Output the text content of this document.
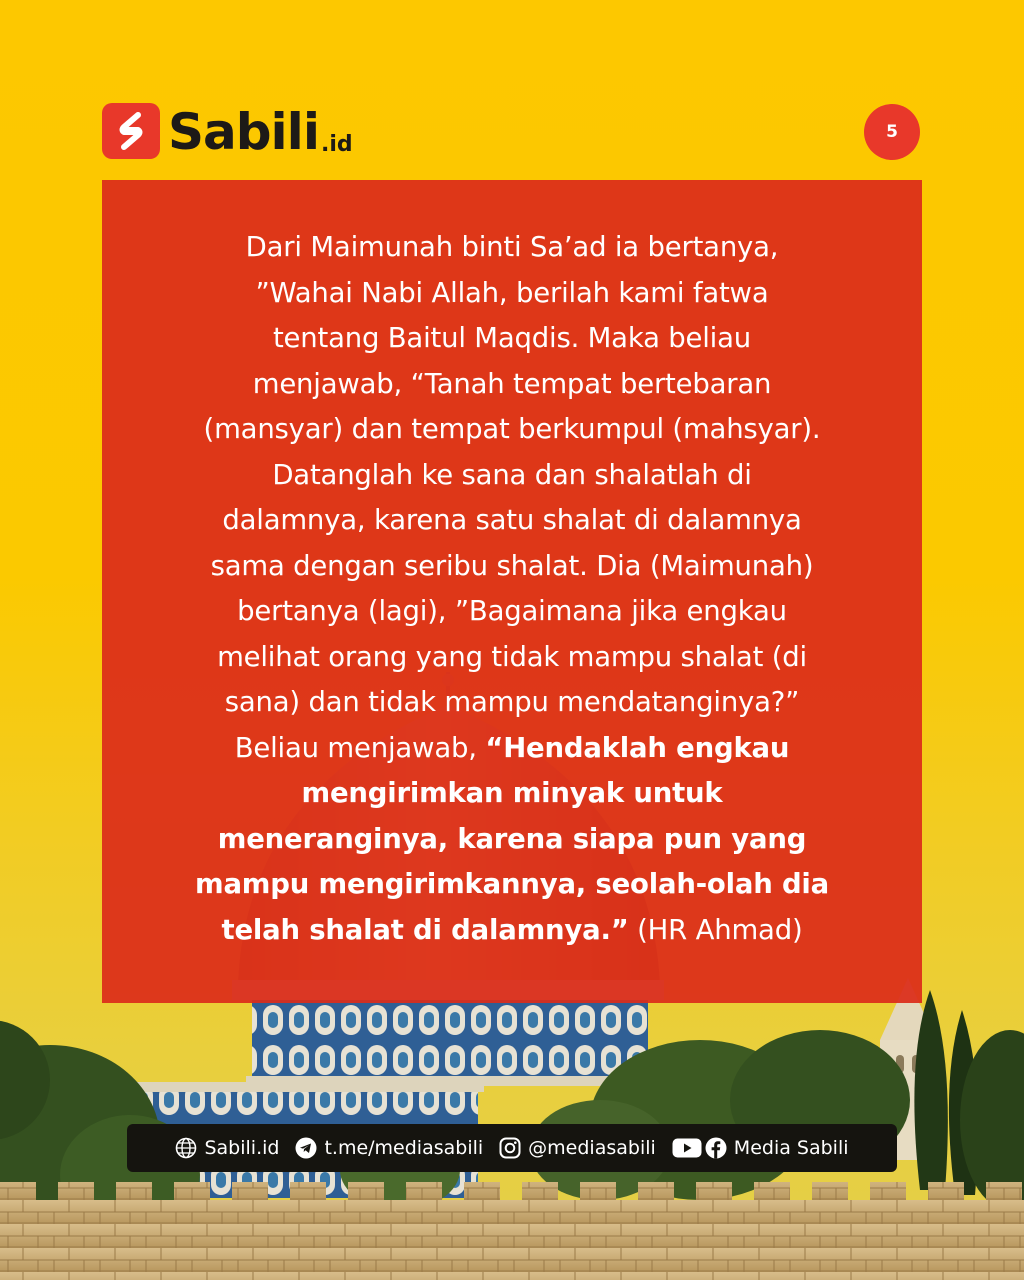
Sabili .id	5
Dari Maimunah binti Sa’ad ia bertanya,
”Wahai Nabi Allah, berilah kami fatwa
tentang Baitul Maqdis. Maka beliau
menjawab, “Tanah tempat bertebaran
(mansyar) dan tempat berkumpul (mahsyar).
Datanglah ke sana dan shalatlah di
dalamnya, karena satu shalat di dalamnya
sama dengan seribu shalat. Dia (Maimunah)
bertanya (lagi), ”Bagaimana jika engkau
melihat orang yang tidak mampu shalat (di
sana) dan tidak mampu mendatanginya?”
Beliau menjawab, “Hendaklah engkau
mengirimkan minyak untuk
meneranginya, karena siapa pun yang
mampu mengirimkannya, seolah-olah dia
telah shalat di dalamnya.” (HR Ahmad)
Sabili.id t.me/mediasabili @mediasabili	Media Sabili
